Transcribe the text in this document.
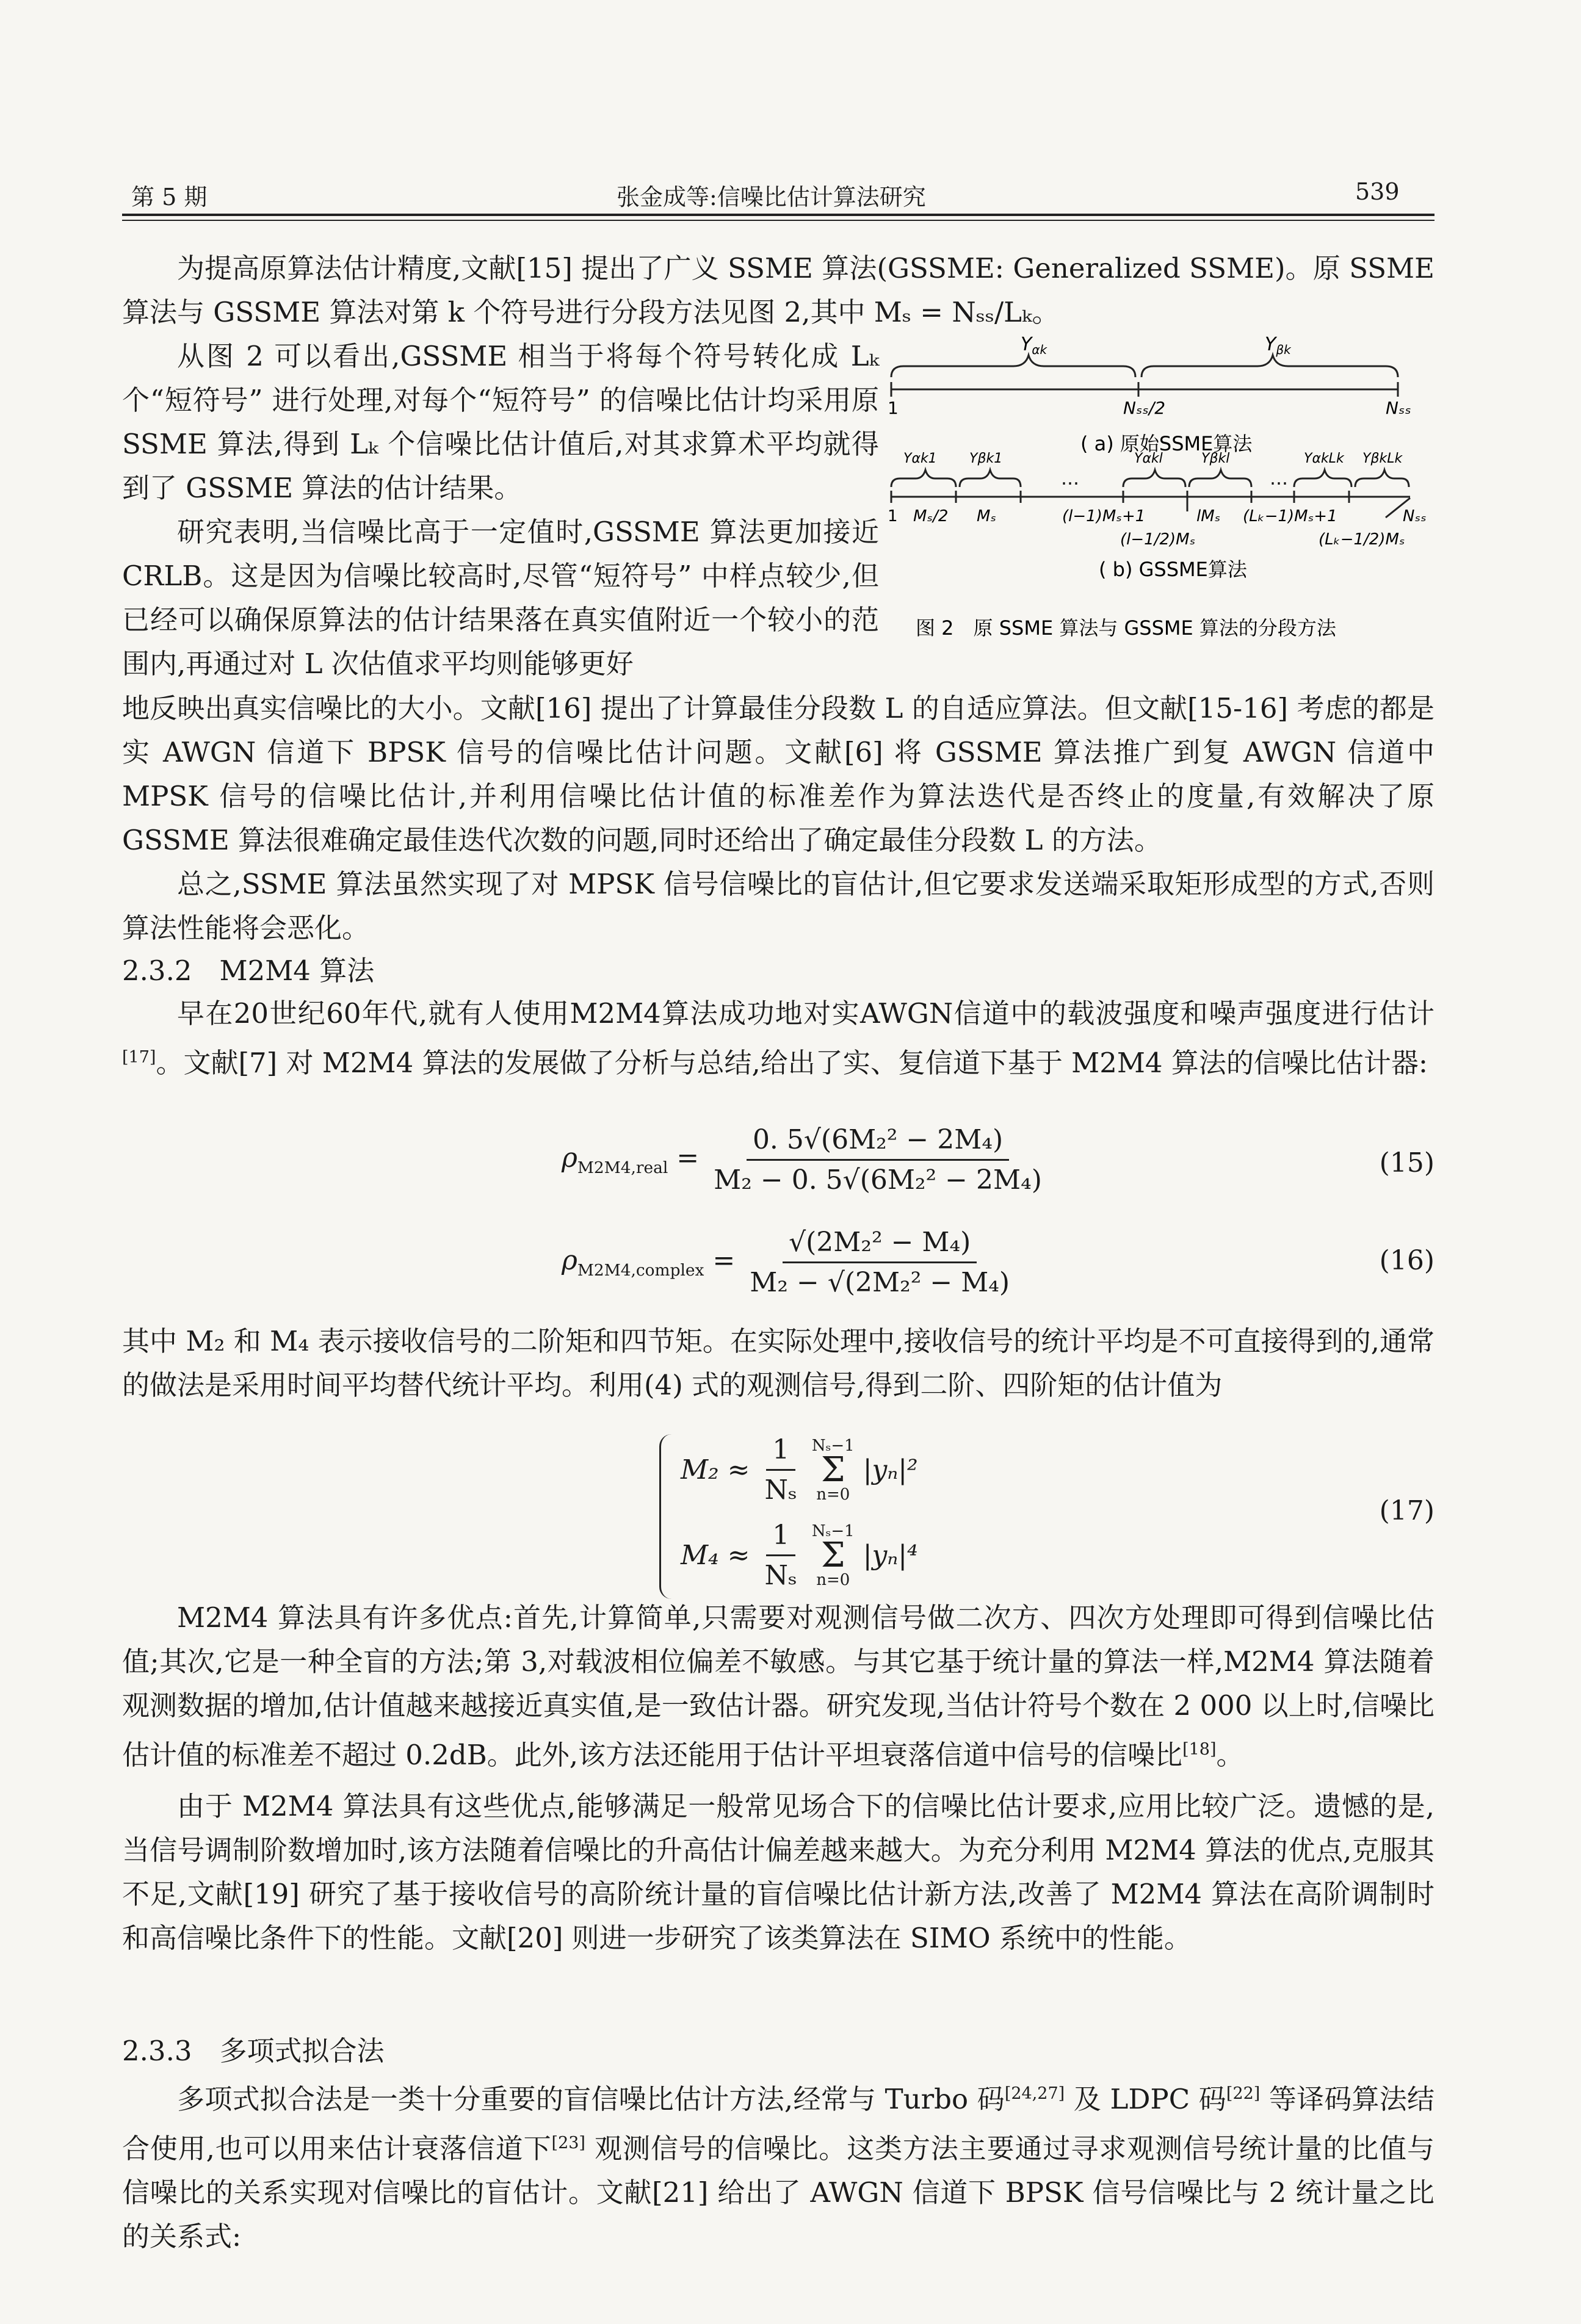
第 5 期	张金成等:信噪比估计算法研究	539

为提高原算法估计精度,文献[15] 提出了广义 SSME 算法(GSSME: Generalized SSME)。原 SSME 算法与 GSSME 算法对第 k 个符号进行分段方法见图 2,其中 Mₛ = Nₛₛ/Lₖ。

从图 2 可以看出,GSSME 相当于将每个符号转化成 Lₖ 个“短符号” 进行处理,对每个“短符号” 的信噪比估计均采用原 SSME 算法,得到 Lₖ 个信噪比估计值后,对其求算术平均就得到了 GSSME 算法的估计结果。

研究表明,当信噪比高于一定值时,GSSME 算法更加接近 CRLB。这是因为信噪比较高时,尽管“短符号” 中样点较少,但已经可以确保原算法的估计结果落在真实值附近一个较小的范围内,再通过对 L 次估值求平均则能够更好

$Y_{\alpha k}$	$Y_{\beta k}$
1	Nₛₛ/2	Nₛₛ
( a) 原始SSME算法
Yαk1 Yβk1	Yαkl	Yβkl	YαkLk YβkLk
…	…
1 Mₛ/2 Mₛ	(l−1)Mₛ+1	lMₛ (Lₖ−1)Mₛ+1	Nₛₛ
(l−1/2)Mₛ	(Lₖ−1/2)Mₛ
( b) GSSME算法
图 2　原 SSME 算法与 GSSME 算法的分段方法

地反映出真实信噪比的大小。文献[16] 提出了计算最佳分段数 L 的自适应算法。但文献[15-16] 考虑的都是实 AWGN 信道下 BPSK 信号的信噪比估计问题。文献[6] 将 GSSME 算法推广到复 AWGN 信道中 MPSK 信号的信噪比估计,并利用信噪比估计值的标准差作为算法迭代是否终止的度量,有效解决了原 GSSME 算法很难确定最佳迭代次数的问题,同时还给出了确定最佳分段数 L 的方法。

总之,SSME 算法虽然实现了对 MPSK 信号信噪比的盲估计,但它要求发送端采取矩形成型的方式,否则算法性能将会恶化。

2.3.2　M2M4 算法

早在20世纪60年代,就有人使用M2M4算法成功地对实AWGN信道中的载波强度和噪声强度进行估计[17]。文献[7] 对 M2M4 算法的发展做了分析与总结,给出了实、复信道下基于 M2M4 算法的信噪比估计器:

$\rho_{M2M4,real} = \frac{\text{0. 5√(6M₂² − 2M₄)}}{\text{M₂ − 0. 5√(6M₂² − 2M₄)}}$	(15)
$\rho_{M2M4,complex} = \frac{\text{√(2M₂² − M₄)}}{\text{M₂ − √(2M₂² − M₄)}}$	(16)

其中 M₂ 和 M₄ 表示接收信号的二阶矩和四节矩。在实际处理中,接收信号的统计平均是不可直接得到的,通常的做法是采用时间平均替代统计平均。利用(4) 式的观测信号,得到二阶、四阶矩的估计值为

$M_2 \approx \frac{1}{\text{Nₛ}} N_s-1$
Σ
n=0
|yₙ|²
$M_4 \approx \frac{1}{\text{Nₛ}} N_s-1$
Σ
n=0
|yₙ|⁴
(17)

M2M4 算法具有许多优点:首先,计算简单,只需要对观测信号做二次方、四次方处理即可得到信噪比估值;其次,它是一种全盲的方法;第 3,对载波相位偏差不敏感。与其它基于统计量的算法一样,M2M4 算法随着观测数据的增加,估计值越来越接近真实值,是一致估计器。研究发现,当估计符号个数在 2 000 以上时,信噪比估计值的标准差不超过 0.2dB。此外,该方法还能用于估计平坦衰落信道中信号的信噪比[18]。

由于 M2M4 算法具有这些优点,能够满足一般常见场合下的信噪比估计要求,应用比较广泛。遗憾的是,当信号调制阶数增加时,该方法随着信噪比的升高估计偏差越来越大。为充分利用 M2M4 算法的优点,克服其不足,文献[19] 研究了基于接收信号的高阶统计量的盲信噪比估计新方法,改善了 M2M4 算法在高阶调制时和高信噪比条件下的性能。文献[20] 则进一步研究了该类算法在 SIMO 系统中的性能。

2.3.3　多项式拟合法

多项式拟合法是一类十分重要的盲信噪比估计方法,经常与 Turbo 码[24,27] 及 LDPC 码[22] 等译码算法结合使用,也可以用来估计衰落信道下[23] 观测信号的信噪比。这类方法主要通过寻求观测信号统计量的比值与信噪比的关系实现对信噪比的盲估计。文献[21] 给出了 AWGN 信道下 BPSK 信号信噪比与 2 统计量之比的关系式:
